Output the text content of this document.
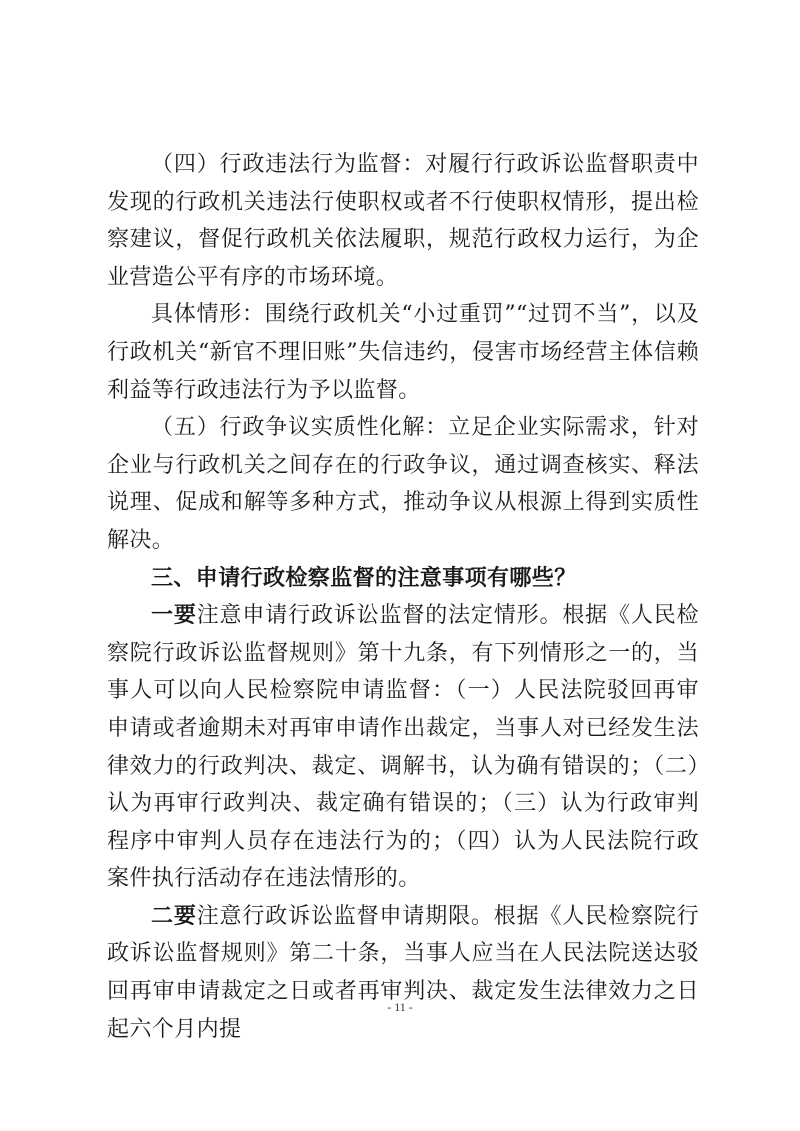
（四）行政违法行为监督：对履行行政诉讼监督职责中发现的行政机关违法行使职权或者不行使职权情形，提出检察建议，督促行政机关依法履职，规范行政权力运行，为企业营造公平有序的市场环境。

具体情形：围绕行政机关“小过重罚”“过罚不当”，以及行政机关“新官不理旧账”失信违约，侵害市场经营主体信赖利益等行政违法行为予以监督。

（五）行政争议实质性化解：立足企业实际需求，针对企业与行政机关之间存在的行政争议，通过调查核实、释法说理、促成和解等多种方式，推动争议从根源上得到实质性解决。

三、申请行政检察监督的注意事项有哪些？

一要注意申请行政诉讼监督的法定情形。根据《人民检察院行政诉讼监督规则》第十九条，有下列情形之一的，当事人可以向人民检察院申请监督：（一）人民法院驳回再审申请或者逾期未对再审申请作出裁定，当事人对已经发生法律效力的行政判决、裁定、调解书，认为确有错误的；（二）认为再审行政判决、裁定确有错误的；（三）认为行政审判程序中审判人员存在违法行为的；（四）认为人民法院行政案件执行活动存在违法情形的。

二要注意行政诉讼监督申请期限。根据《人民检察院行政诉讼监督规则》第二十条，当事人应当在人民法院送达驳回再审申请裁定之日或者再审判决、裁定发生法律效力之日起六个月内提

- 11 -
